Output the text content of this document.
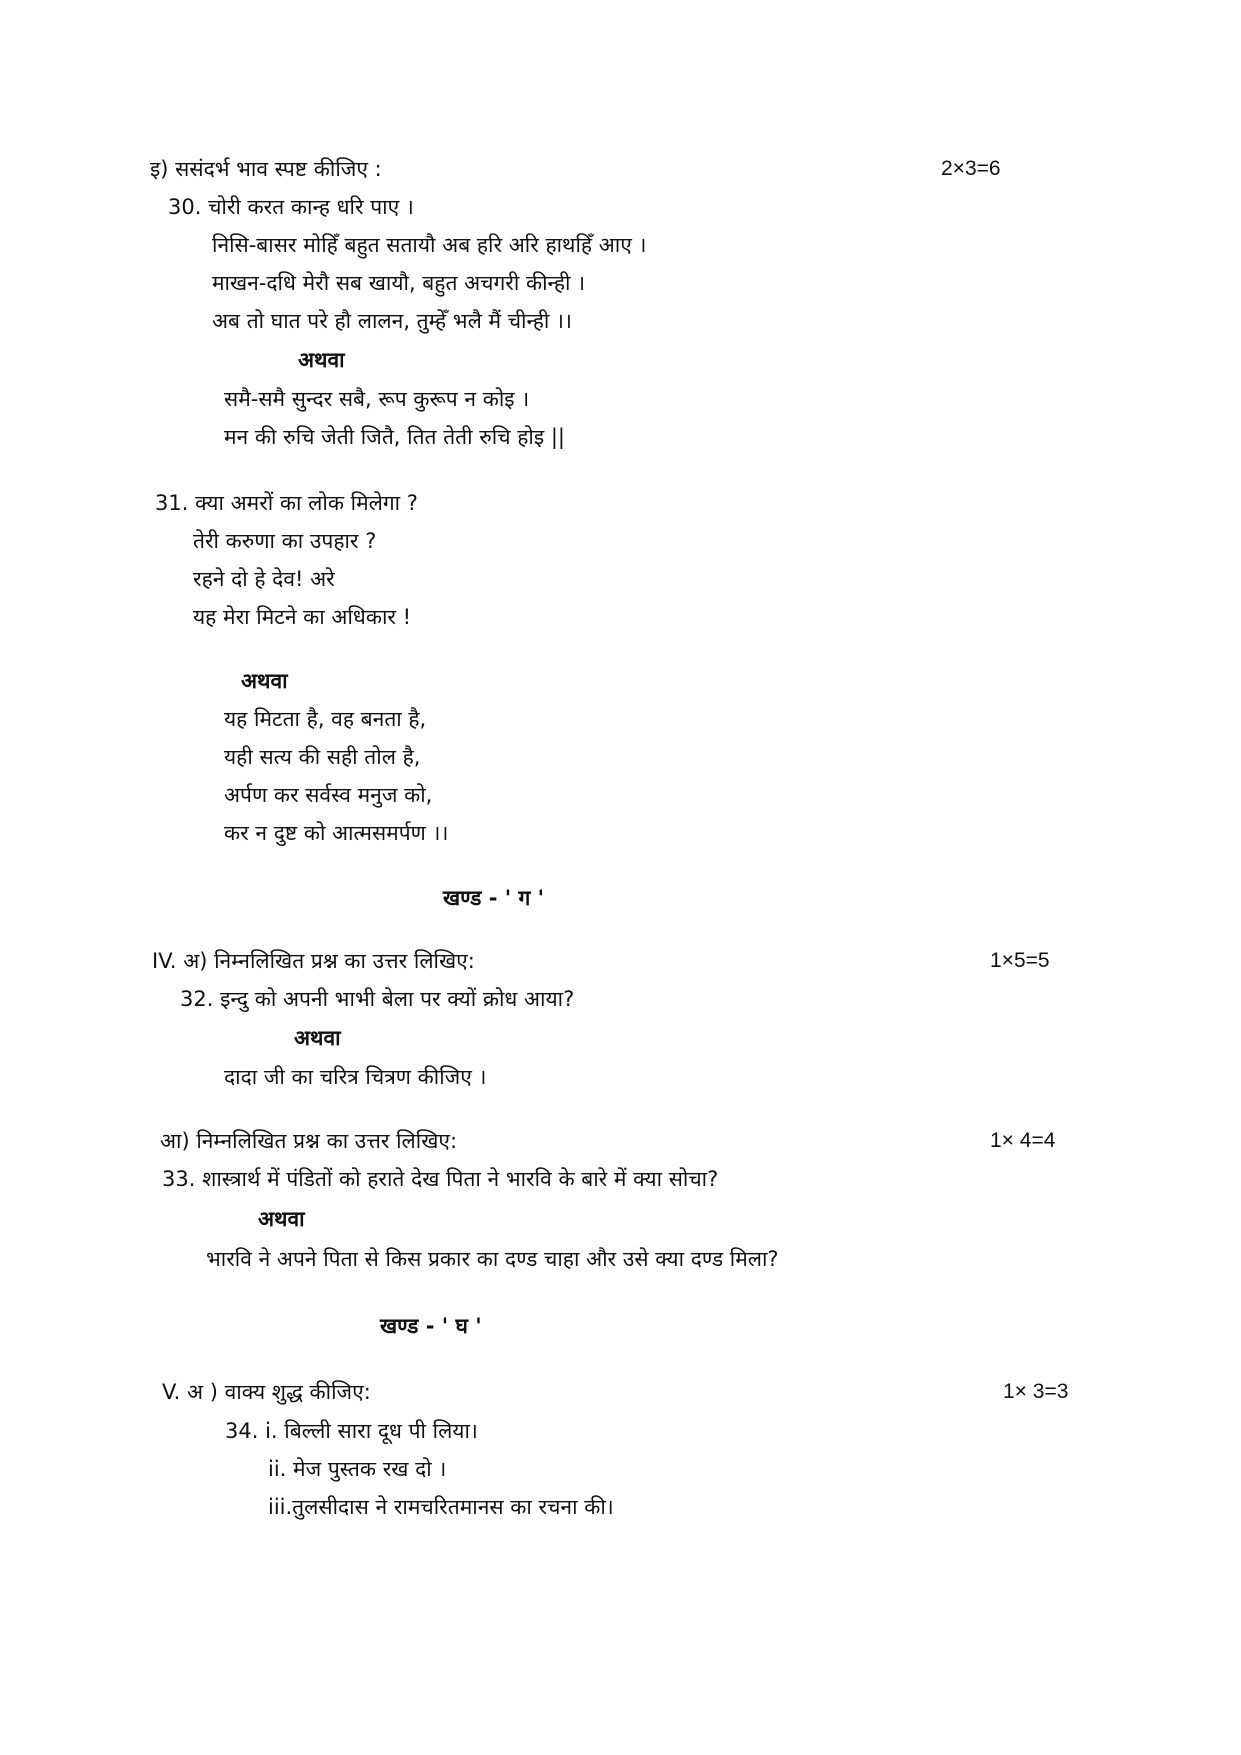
इ) ससंदर्भ भाव स्पष्ट कीजिए :	2×3=6
30. चोरी करत कान्ह धरि पाए ।
निसि-बासर मोहिँ बहुत सतायौ अब हरि अरि हाथहिँ आए ।
माखन-दधि मेरौ सब खायौ, बहुत अचगरी कीन्ही ।
अब तो घात परे हौ लालन, तुम्हेँ भलै मैं चीन्ही ।।
अथवा
समै-समै सुन्दर सबै, रूप कुरूप न कोइ ।
मन की रुचि जेती जितै, तित तेती रुचि होइ ||
31. क्या अमरों का लोक मिलेगा ?
तेरी करुणा का उपहार ?
रहने दो हे देव! अरे
यह मेरा मिटने का अधिकार !
अथवा
यह मिटता है, वह बनता है,
यही सत्य की सही तोल है,
अर्पण कर सर्वस्व मनुज को,
कर न दुष्ट को आत्मसमर्पण ।।
खण्ड - ' ग '
IV. अ) निम्नलिखित प्रश्न का उत्तर लिखिए:	1×5=5
32. इन्दु को अपनी भाभी बेला पर क्यों क्रोध आया?
अथवा
दादा जी का चरित्र चित्रण कीजिए ।
आ) निम्नलिखित प्रश्न का उत्तर लिखिए:	1× 4=4
33. शास्त्रार्थ में पंडितों को हराते देख पिता ने भारवि के बारे में क्या सोचा?
अथवा
भारवि ने अपने पिता से किस प्रकार का दण्ड चाहा और उसे क्या दण्ड मिला?
खण्ड - ' घ '
V. अ ) वाक्य शुद्ध कीजिए:	1× 3=3
34. i. बिल्ली सारा दूध पी लिया।
ii. मेज पुस्तक रख दो ।
iii.तुलसीदास ने रामचरितमानस का रचना की।
